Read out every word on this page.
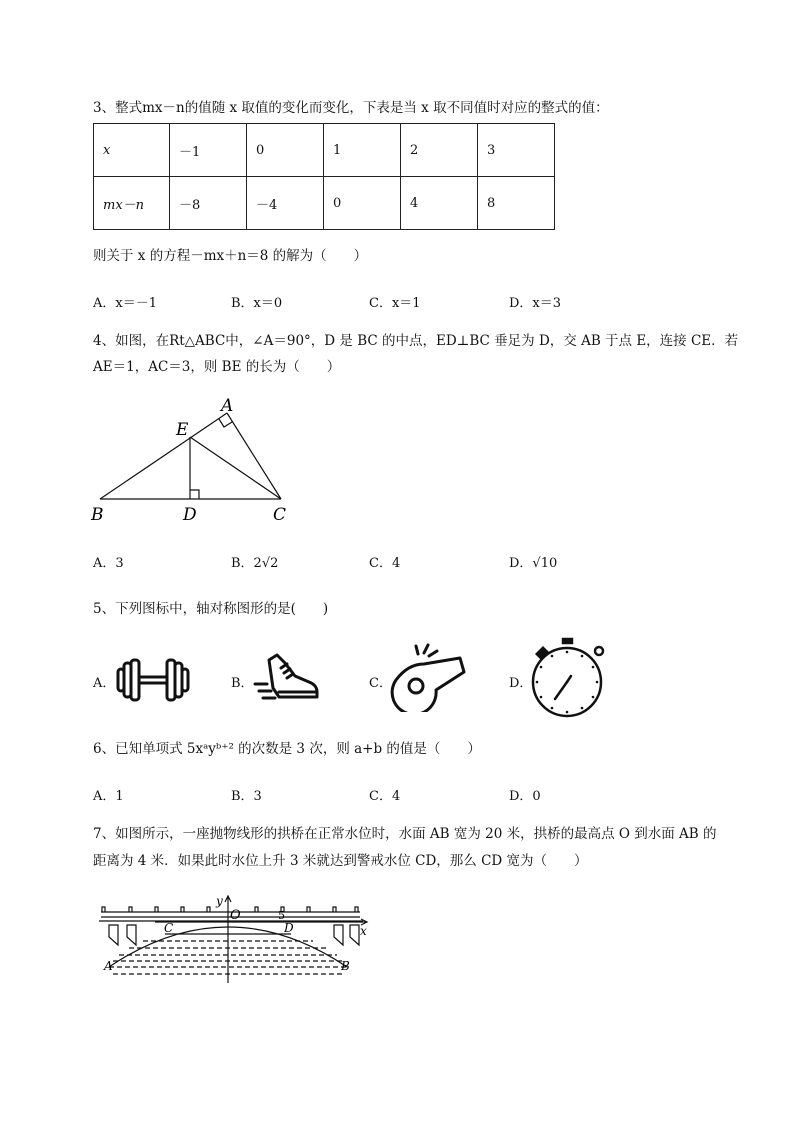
3、整式mx－n的值随 x 取值的变化而变化，下表是当 x 取不同值时对应的整式的值：
x	－1	0	1	2	3
mx－n	－8	－4	0	4	8
则关于 x 的方程－mx＋n＝8 的解为（　　）
A．x＝－1	B．x＝0	C．x＝1	D．x＝3
4、如图，在Rt△ABC中，∠A＝90°，D 是 BC 的中点，ED⊥BC 垂足为 D，交 AB 于点 E，连接 CE．若
AE＝1，AC＝3，则 BE 的长为（　　）
A
E
B	D	C
A．3	B．2√2	C．4	D．√10
5、下列图标中，轴对称图形的是(　　)
A．	B．	C．	D．
6、已知单项式 5xᵃyᵇ⁺² 的次数是 3 次，则 a+b 的值是（　　）
A．1	B．3	C．4	D．0
7、如图所示，一座抛物线形的拱桥在正常水位时，水面 AB 宽为 20 米，拱桥的最高点 O 到水面 AB 的
距离为 4 米．如果此时水位上升 3 米就达到警戒水位 CD，那么 CD 宽为（　　）
y
O	5
x
C	D
A	B
